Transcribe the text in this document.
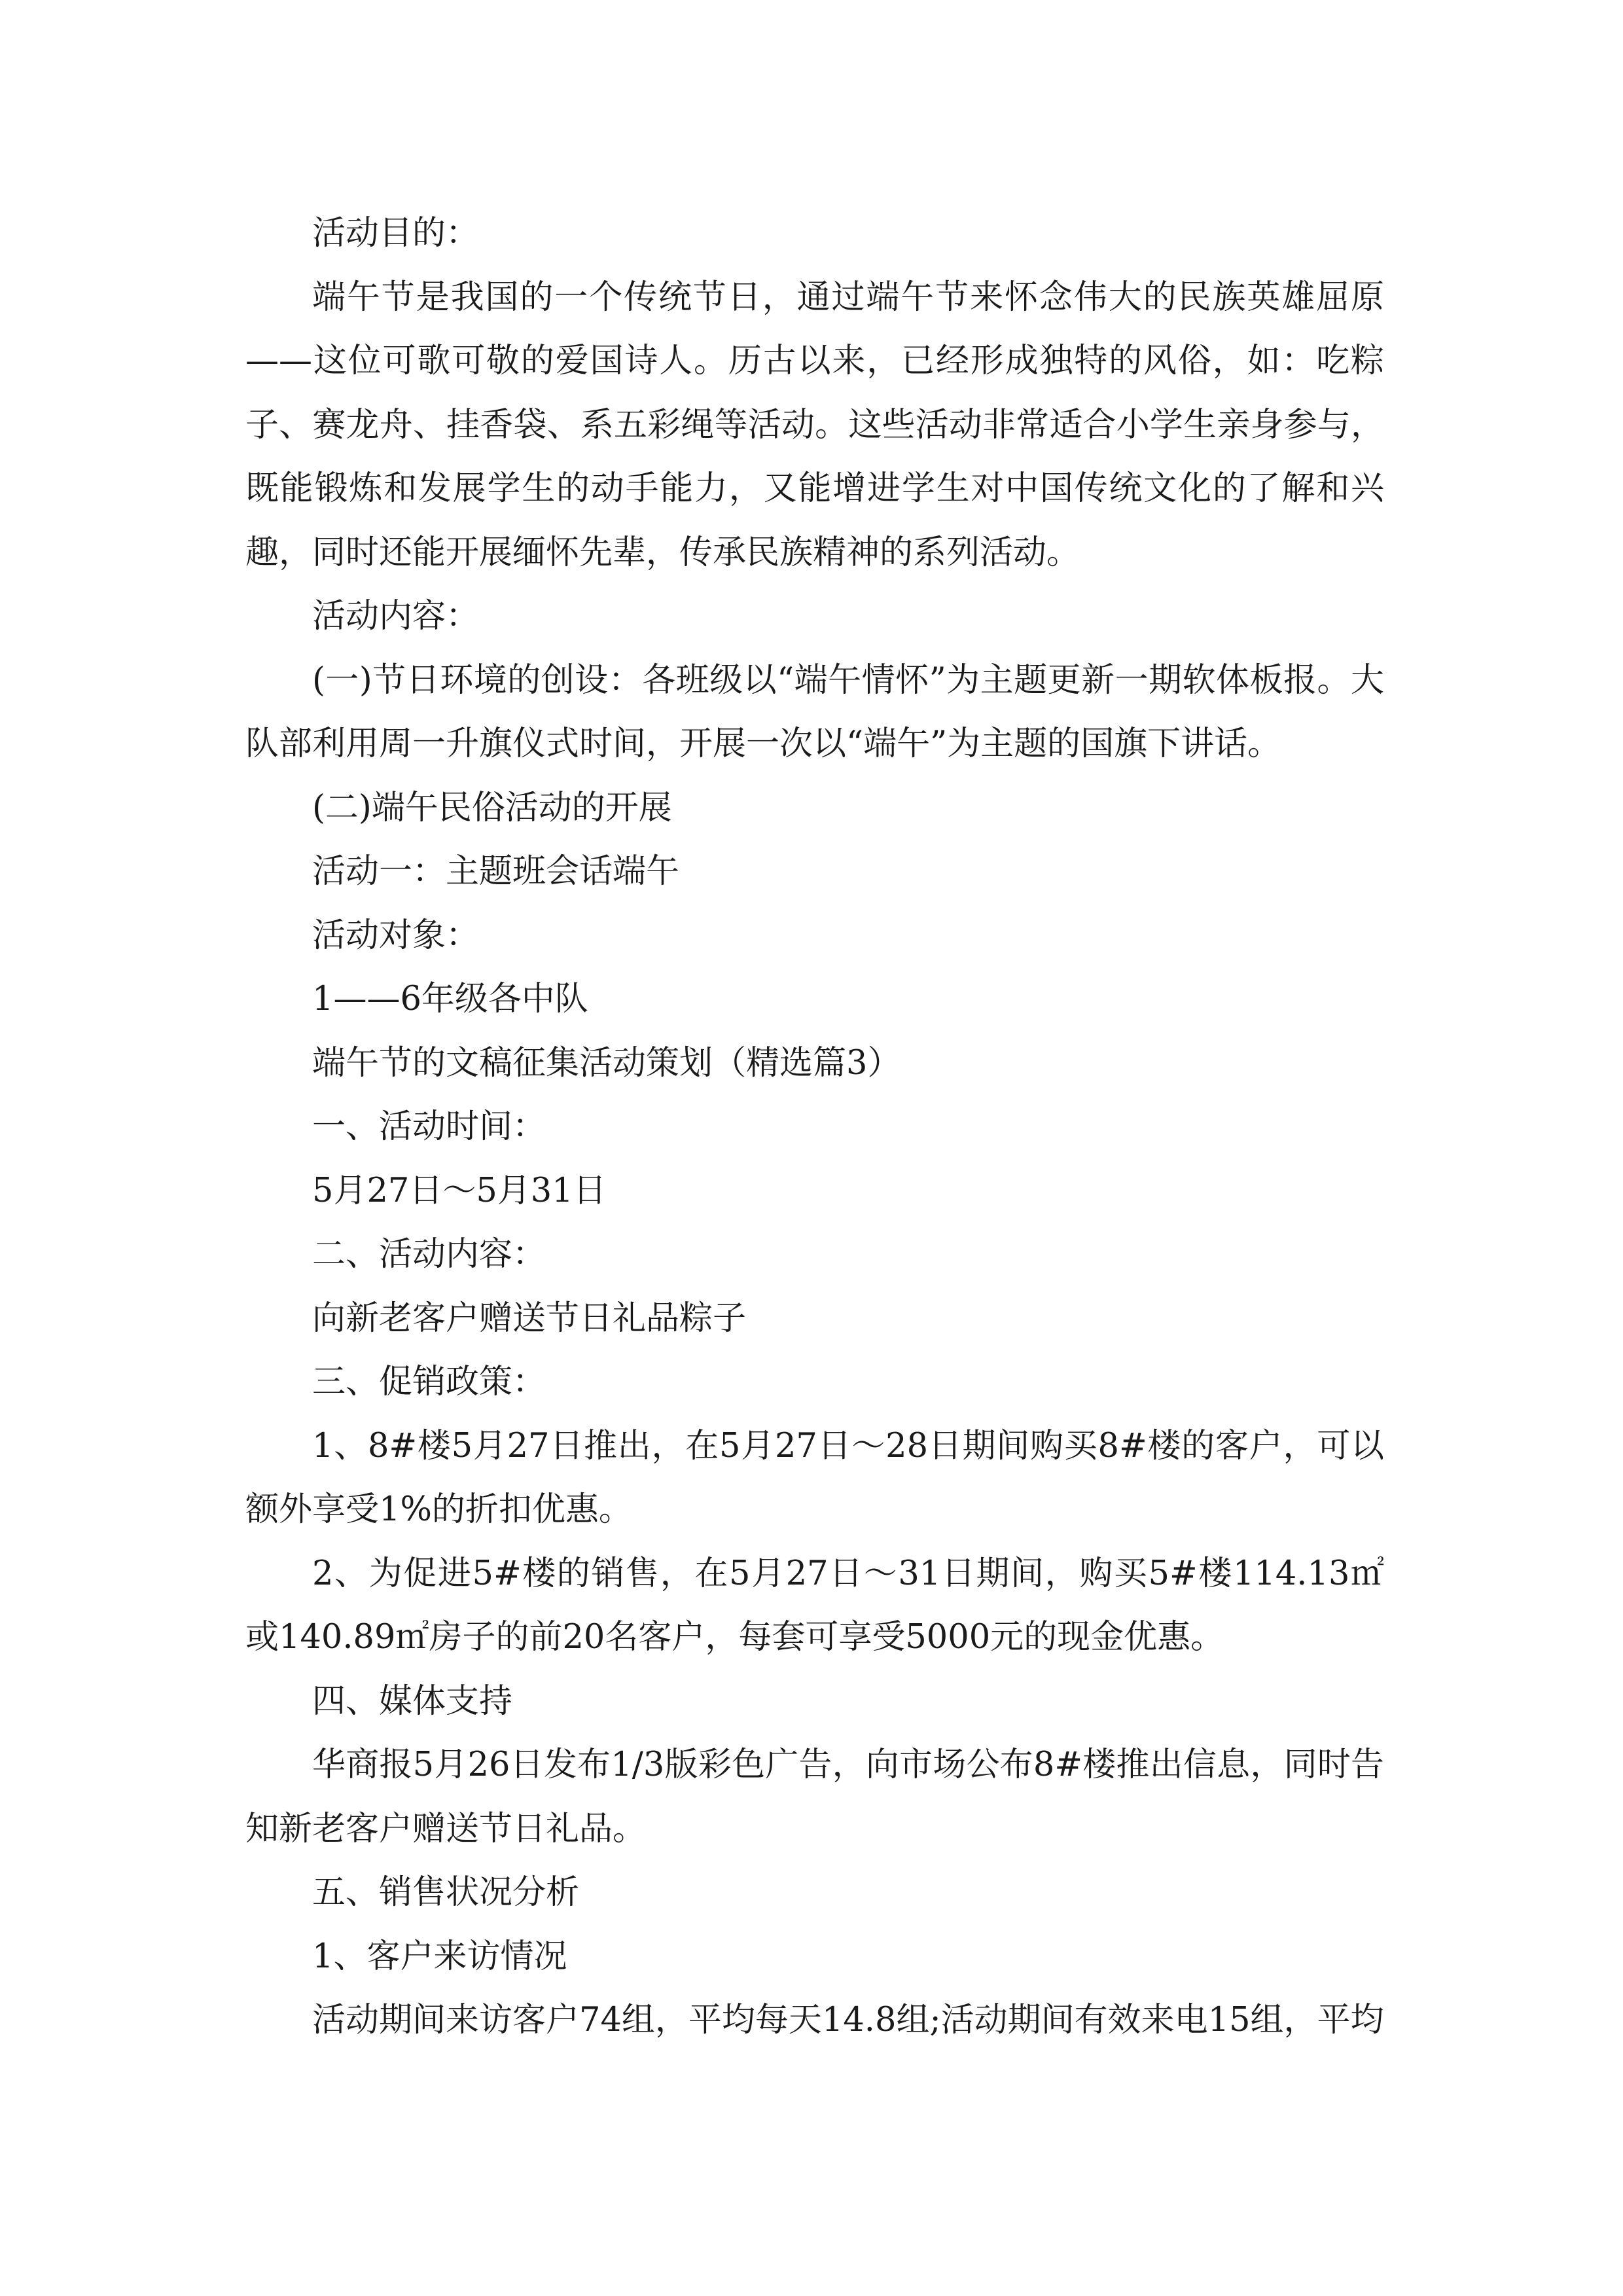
活动目的：

端午节是我国的一个传统节日，通过端午节来怀念伟大的民族英雄屈原——这位可歌可敬的爱国诗人。历古以来，已经形成独特的风俗，如：吃粽子、赛龙舟、挂香袋、系五彩绳等活动。这些活动非常适合小学生亲身参与，既能锻炼和发展学生的动手能力，又能增进学生对中国传统文化的了解和兴趣，同时还能开展缅怀先辈，传承民族精神的系列活动。

活动内容：

(一)节日环境的创设：各班级以“端午情怀”为主题更新一期软体板报。大队部利用周一升旗仪式时间，开展一次以“端午”为主题的国旗下讲话。

(二)端午民俗活动的开展

活动一：主题班会话端午

活动对象：

1——6年级各中队

端午节的文稿征集活动策划（精选篇3）

一、活动时间：

5月27日～5月31日

二、活动内容：

向新老客户赠送节日礼品粽子

三、促销政策：

1、8#楼5月27日推出，在5月27日～28日期间购买8#楼的客户，可以额外享受1%的折扣优惠。

2、为促进5#楼的销售，在5月27日～31日期间，购买5#楼114.13㎡或140.89㎡房子的前20名客户，每套可享受5000元的现金优惠。

四、媒体支持

华商报5月26日发布1/3版彩色广告，向市场公布8#楼推出信息，同时告知新老客户赠送节日礼品。

五、销售状况分析

1、客户来访情况

活动期间来访客户74组，平均每天14.8组;活动期间有效来电15组，平均
